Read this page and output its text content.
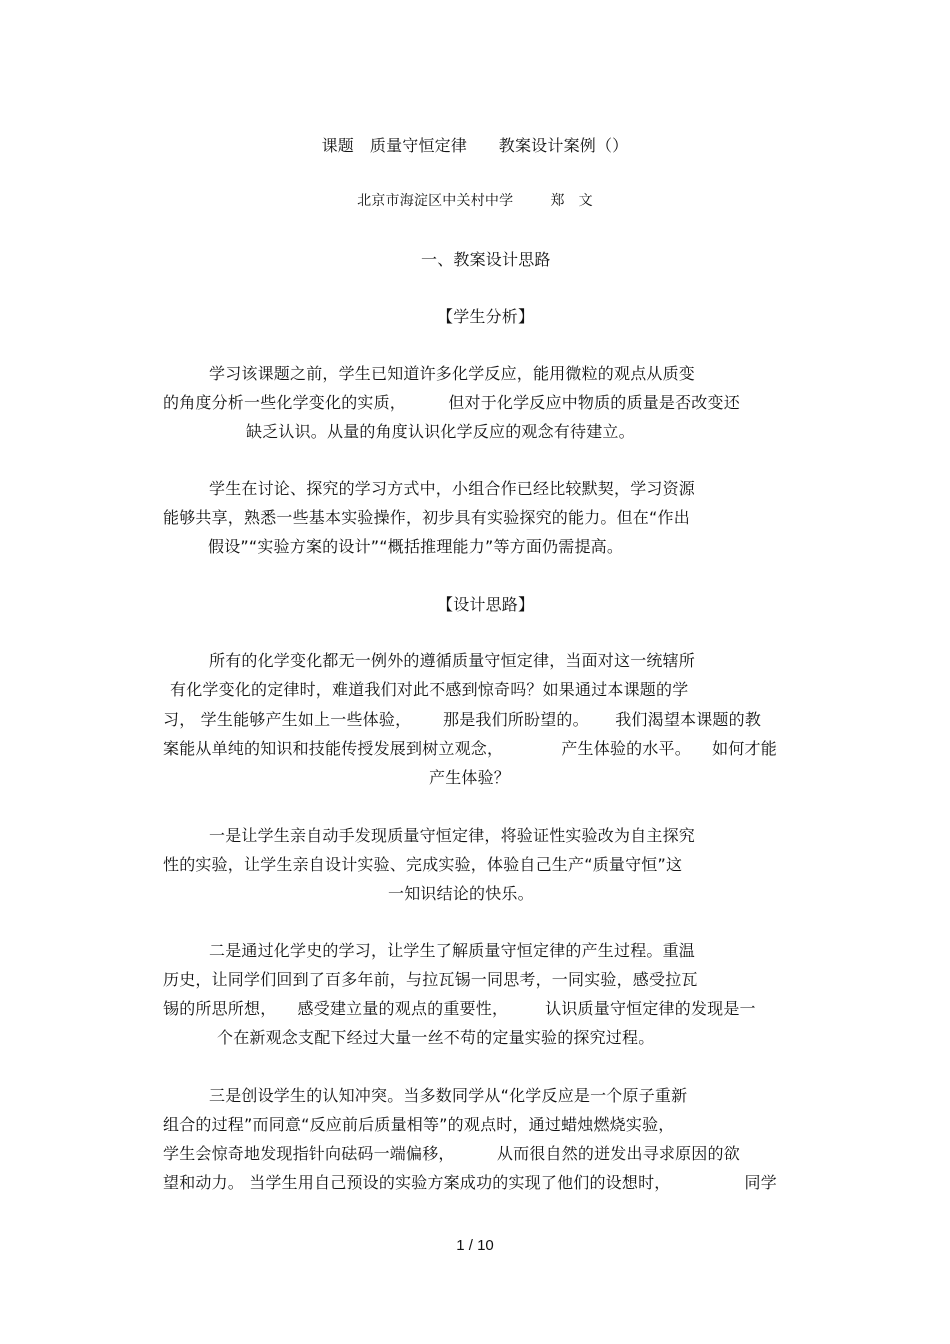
课题   质量守恒定律      教案设计案例（）
北京市海淀区中关村中学        郑   文
一、教案设计思路
【学生分析】
学习该课题之前，学生已知道许多化学反应，能用微粒的观点从质变
的角度分析一些化学变化的实质，        但对于化学反应中物质的质量是否改变还
缺乏认识。从量的角度认识化学反应的观念有待建立。
学生在讨论、探究的学习方式中，小组合作已经比较默契，学习资源
能够共享，熟悉一些基本实验操作，初步具有实验探究的能力。但在“作出
假设”“实验方案的设计”“概括推理能力”等方面仍需提高。
【设计思路】
所有的化学变化都无一例外的遵循质量守恒定律，当面对这一统辖所
有化学变化的定律时，难道我们对此不感到惊奇吗？如果通过本课题的学
习， 学生能够产生如上一些体验，      那是我们所盼望的。     我们渴望本课题的教
案能从单纯的知识和技能传授发展到树立观念，           产生体验的水平。    如何才能
产生体验？
一是让学生亲自动手发现质量守恒定律，将验证性实验改为自主探究
性的实验，让学生亲自设计实验、完成实验，体验自己生产“质量守恒”这
一知识结论的快乐。
二是通过化学史的学习，让学生了解质量守恒定律的产生过程。重温
历史，让同学们回到了百多年前，与拉瓦锡一同思考，一同实验，感受拉瓦
锡的所思所想，    感受建立量的观点的重要性，       认识质量守恒定律的发现是一
个在新观念支配下经过大量一丝不苟的定量实验的探究过程。
三是创设学生的认知冲突。当多数同学从“化学反应是一个原子重新
组合的过程”而同意“反应前后质量相等”的观点时，通过蜡烛燃烧实验，
学生会惊奇地发现指针向砝码一端偏移，        从而很自然的迸发出寻求原因的欲
望和动力。 当学生用自己预设的实验方案成功的实现了他们的设想时，              同学
1 / 10
